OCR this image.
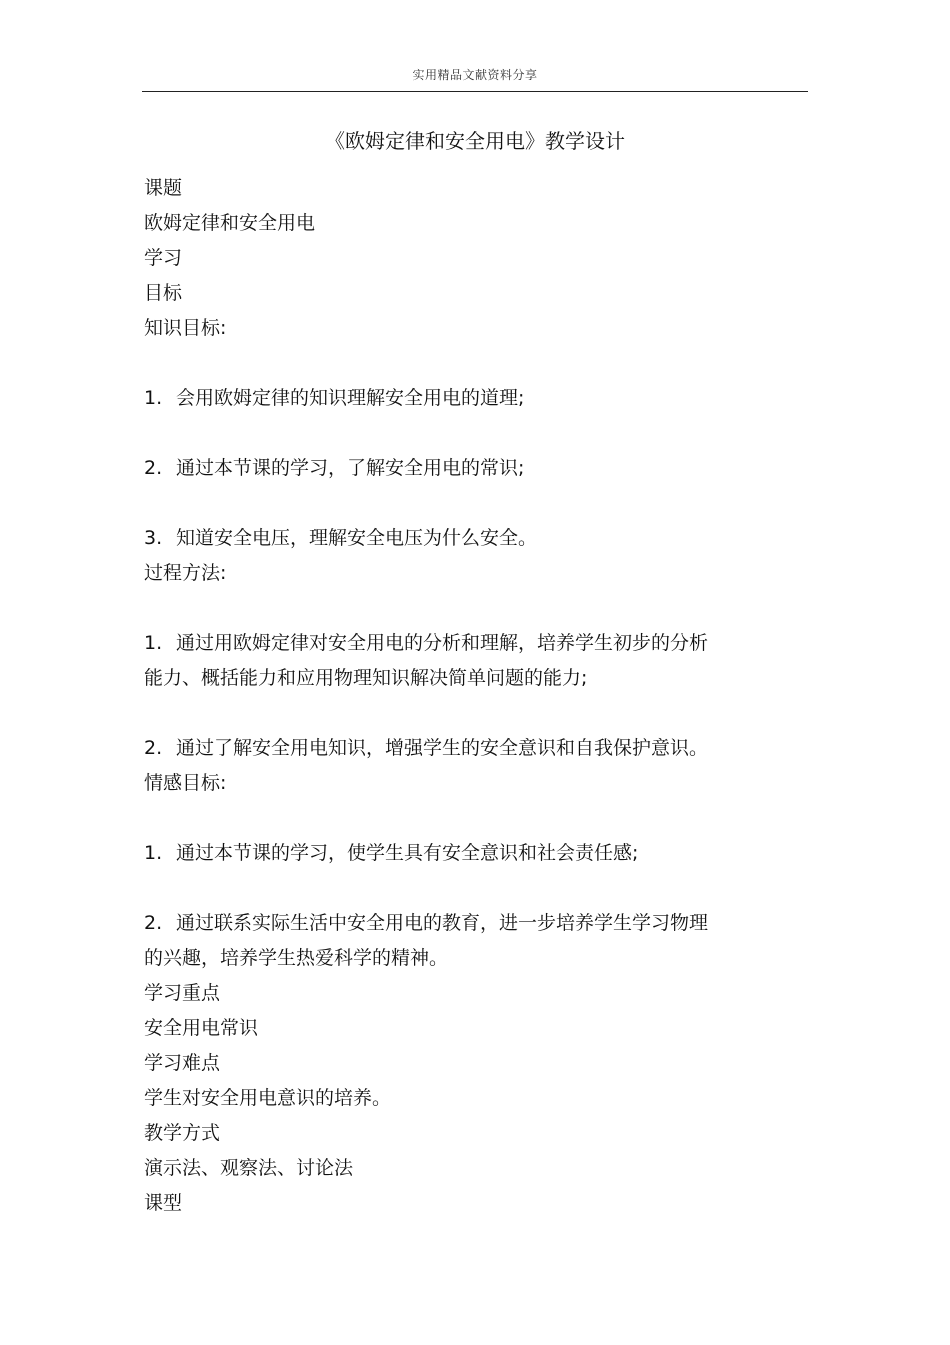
实用精品文献资料分享
《欧姆定律和安全用电》教学设计
课题
欧姆定律和安全用电
学习
目标
知识目标:
1. 会用欧姆定律的知识理解安全用电的道理;
2. 通过本节课的学习，了解安全用电的常识;
3. 知道安全电压，理解安全电压为什么安全。
过程方法:
1. 通过用欧姆定律对安全用电的分析和理解，培养学生初步的分析
能力、概括能力和应用物理知识解决简单问题的能力;
2. 通过了解安全用电知识，增强学生的安全意识和自我保护意识。
情感目标:
1. 通过本节课的学习，使学生具有安全意识和社会责任感;
2. 通过联系实际生活中安全用电的教育，进一步培养学生学习物理
的兴趣，培养学生热爱科学的精神。
学习重点
安全用电常识
学习难点
学生对安全用电意识的培养。
教学方式
演示法、观察法、讨论法
课型
